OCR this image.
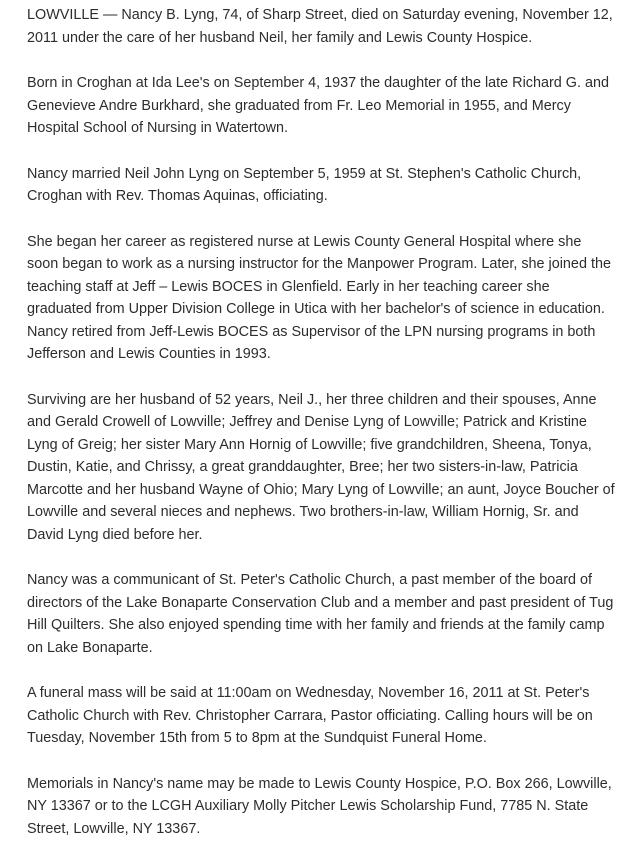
LOWVILLE — Nancy B. Lyng, 74, of Sharp Street, died on Saturday evening, November 12, 2011 under the care of her husband Neil, her family and Lewis County Hospice.

Born in Croghan at Ida Lee's on September 4, 1937 the daughter of the late Richard G. and Genevieve Andre Burkhard, she graduated from Fr. Leo Memorial in 1955, and Mercy Hospital School of Nursing in Watertown.

Nancy married Neil John Lyng on September 5, 1959 at St. Stephen's Catholic Church, Croghan with Rev. Thomas Aquinas, officiating.

She began her career as registered nurse at Lewis County General Hospital where she soon began to work as a nursing instructor for the Manpower Program. Later, she joined the teaching staff at Jeff – Lewis BOCES in Glenfield. Early in her teaching career she graduated from Upper Division College in Utica with her bachelor's of science in education. Nancy retired from Jeff-Lewis BOCES as Supervisor of the LPN nursing programs in both Jefferson and Lewis Counties in 1993.

Surviving are her husband of 52 years, Neil J., her three children and their spouses, Anne and Gerald Crowell of Lowville; Jeffrey and Denise Lyng of Lowville; Patrick and Kristine Lyng of Greig; her sister Mary Ann Hornig of Lowville; five grandchildren, Sheena, Tonya, Dustin, Katie, and Chrissy, a great granddaughter, Bree; her two sisters-in-law, Patricia Marcotte and her husband Wayne of Ohio; Mary Lyng of Lowville; an aunt, Joyce Boucher of Lowville and several nieces and nephews. Two brothers-in-law, William Hornig, Sr. and David Lyng died before her.

Nancy was a communicant of St. Peter's Catholic Church, a past member of the board of directors of the Lake Bonaparte Conservation Club and a member and past president of Tug Hill Quilters. She also enjoyed spending time with her family and friends at the family camp on Lake Bonaparte.

A funeral mass will be said at 11:00am on Wednesday, November 16, 2011 at St. Peter's Catholic Church with Rev. Christopher Carrara, Pastor officiating. Calling hours will be on Tuesday, November 15th from 5 to 8pm at the Sundquist Funeral Home.

Memorials in Nancy's name may be made to Lewis County Hospice, P.O. Box 266, Lowville, NY 13367 or to the LCGH Auxiliary Molly Pitcher Lewis Scholarship Fund, 7785 N. State Street, Lowville, NY 13367.
